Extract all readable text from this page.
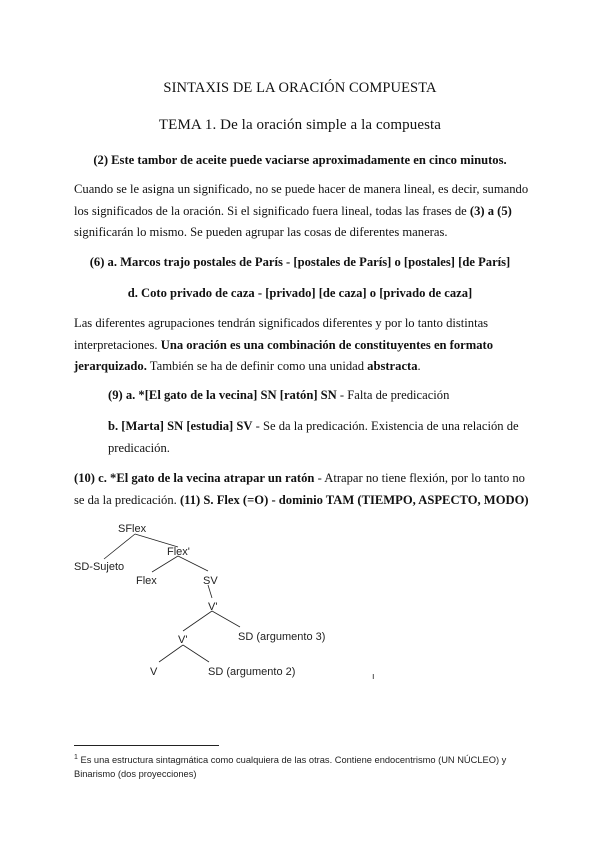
SINTAXIS DE LA ORACIÓN COMPUESTA
TEMA 1. De la oración simple a la compuesta
(2) Este tambor de aceite puede vaciarse aproximadamente en cinco minutos.
Cuando se le asigna un significado, no se puede hacer de manera lineal, es decir, sumando los significados de la oración. Si el significado fuera lineal, todas las frases de (3) a (5) significarán lo mismo. Se pueden agrupar las cosas de diferentes maneras.
(6) a. Marcos trajo postales de París - [postales de París] o [postales] [de París]
d. Coto privado de caza - [privado] [de caza] o [privado de caza]
Las diferentes agrupaciones tendrán significados diferentes y por lo tanto distintas interpretaciones. Una oración es una combinación de constituyentes en formato jerarquizado. También se ha de definir como una unidad abstracta.
(9) a. *[El gato de la vecina] SN [ratón] SN - Falta de predicación
b. [Marta] SN [estudia] SV - Se da la predicación. Existencia de una relación de predicación.
(10) c. *El gato de la vecina atrapar un ratón - Atrapar no tiene flexión, por lo tanto no se da la predicación. (11) S. Flex (=O) - dominio TAM (TIEMPO, ASPECTO, MODO)
SFlex
SD-Sujeto
Flex'
Flex	SV
V'
V'	SD (argumento 3)
V	SD (argumento 2)	ı
$^1$ Es una estructura sintagmática como cualquiera de las otras. Contiene endocentrismo (UN NÚCLEO) y Binarismo (dos proyecciones)
